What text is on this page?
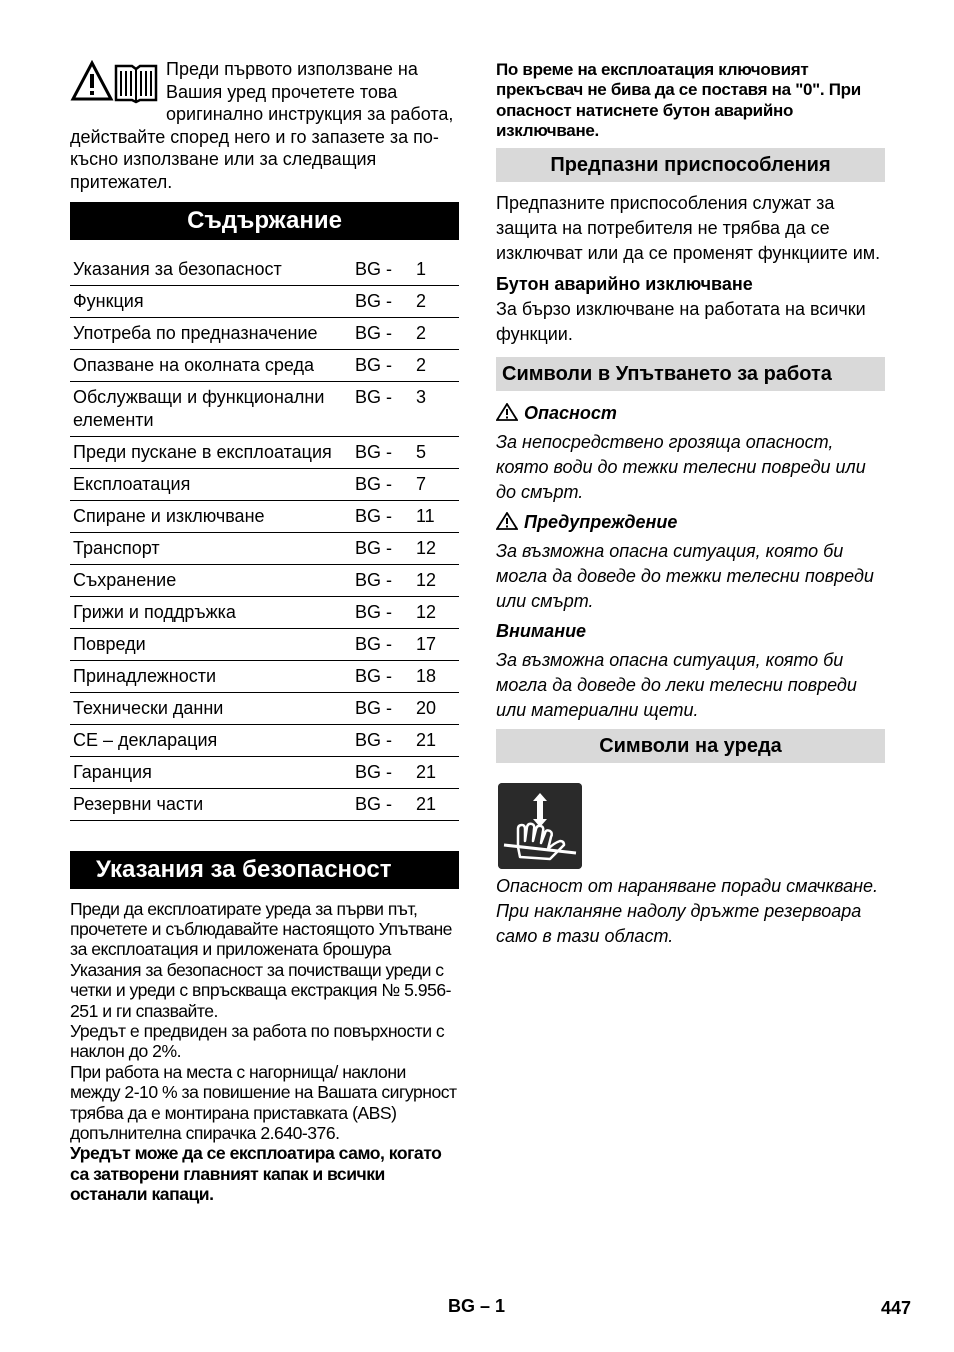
Преди първото използване на Вашия уред прочетете това оригинално инструкция за работа, действайте според него и го запазете за по-късно използване или за следващия притежател.

Съдържание
Указания за безопасност	BG -	1
Функция	BG -	2
Употреба по предназначение	BG -	2
Опазване на околната среда	BG -	2
Обслужващи и функционални елементи	BG -	3
Преди пускане в експлоатация	BG -	5
Експлоатация	BG -	7
Спиране и изключване	BG -	11
Транспорт	BG -	12
Съхранение	BG -	12
Грижи и поддръжка	BG -	12
Повреди	BG -	17
Принадлежности	BG -	18
Технически данни	BG -	20
CE – декларация	BG -	21
Гаранция	BG -	21
Резервни части	BG -	21
Указания за безопасност

Преди да експлоатирате уреда за първи път, прочетете и съблюдавайте настоящото Упътване за експлоатация и приложената брошура Указания за безопасност за почистващи уреди с четки и уреди с впръскваща екстракция № 5.956-251 и ги спазвайте.

Уредът е предвиден за работа по повърхности с наклон до 2%.

При работа на места с нагорнища/ наклони между 2-10 % за повишение на Вашата сигурност трябва да е монтирана приставката (ABS) допълнителна спирачка 2.640-376.

Уредът може да се експлоатира само, когато са затворени главният капак и всички останали капаци.

По време на експлоатация ключовият прекъсвач не бива да се поставя на "0". При опасност натиснете бутон аварийно изключване.

Предпазни приспособления

Предпазните приспособления служат за защита на потребителя не трябва да се изключват или да се променят функциите им.

Бутон аварийно изключване

За бързо изключване на работата на всички функции.

Символи в Упътването за работа

Опасност

За непосредствено грозяща опасност, която води до тежки телесни повреди или до смърт.

Предупреждение

За възможна опасна ситуация, която би могла да доведе до тежки телесни повреди или смърт.

Внимание

За възможна опасна ситуация, която би могла да доведе до леки телесни повреди или материални щети.

Символи на уреда

Опасност от нараняване поради смачкване. При накланяне надолу дръжте резервоара само в тази област.

BG – 1	447
